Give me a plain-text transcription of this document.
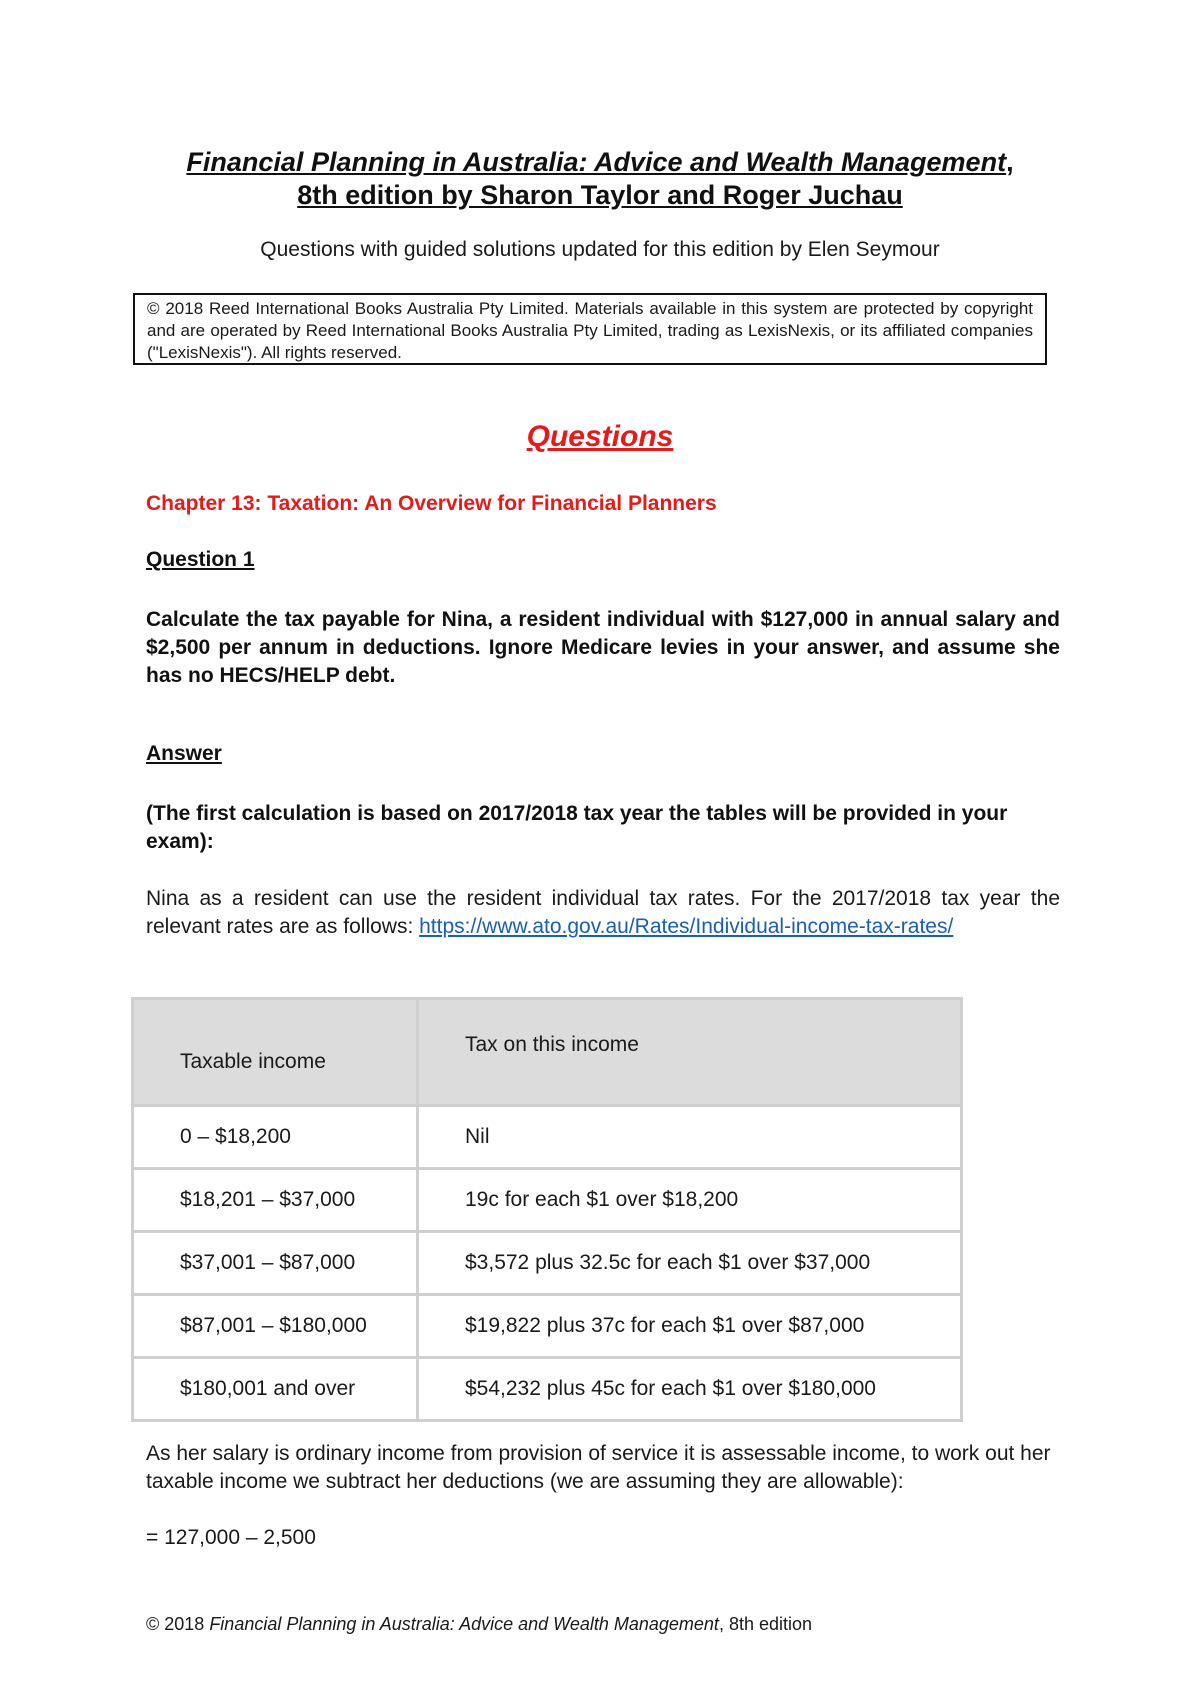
Financial Planning in Australia: Advice and Wealth Management,
8th edition by Sharon Taylor and Roger Juchau
Questions with guided solutions updated for this edition by Elen Seymour
© 2018 Reed International Books Australia Pty Limited. Materials available in this system are protected by copyright and are operated by Reed International Books Australia Pty Limited, trading as LexisNexis, or its affiliated companies ("LexisNexis"). All rights reserved.
Questions
Chapter 13: Taxation: An Overview for Financial Planners
Question 1
Calculate the tax payable for Nina, a resident individual with $127,000 in annual salary and $2,500 per annum in deductions. Ignore Medicare levies in your answer, and assume she has no HECS/HELP debt.
Answer
(The first calculation is based on 2017/2018 tax year the tables will be provided in your exam):
Nina as a resident can use the resident individual tax rates. For the 2017/2018 tax year the relevant rates are as follows: https://www.ato.gov.au/Rates/Individual-income-tax-rates/
Taxable income	Tax on this income
0 – $18,200	Nil
$18,201 – $37,000	19c for each $1 over $18,200
$37,001 – $87,000	$3,572 plus 32.5c for each $1 over $37,000
$87,001 – $180,000	$19,822 plus 37c for each $1 over $87,000
$180,001 and over	$54,232 plus 45c for each $1 over $180,000
As her salary is ordinary income from provision of service it is assessable income, to work out her taxable income we subtract her deductions (we are assuming they are allowable):
= 127,000 – 2,500
© 2018 Financial Planning in Australia: Advice and Wealth Management, 8th edition
